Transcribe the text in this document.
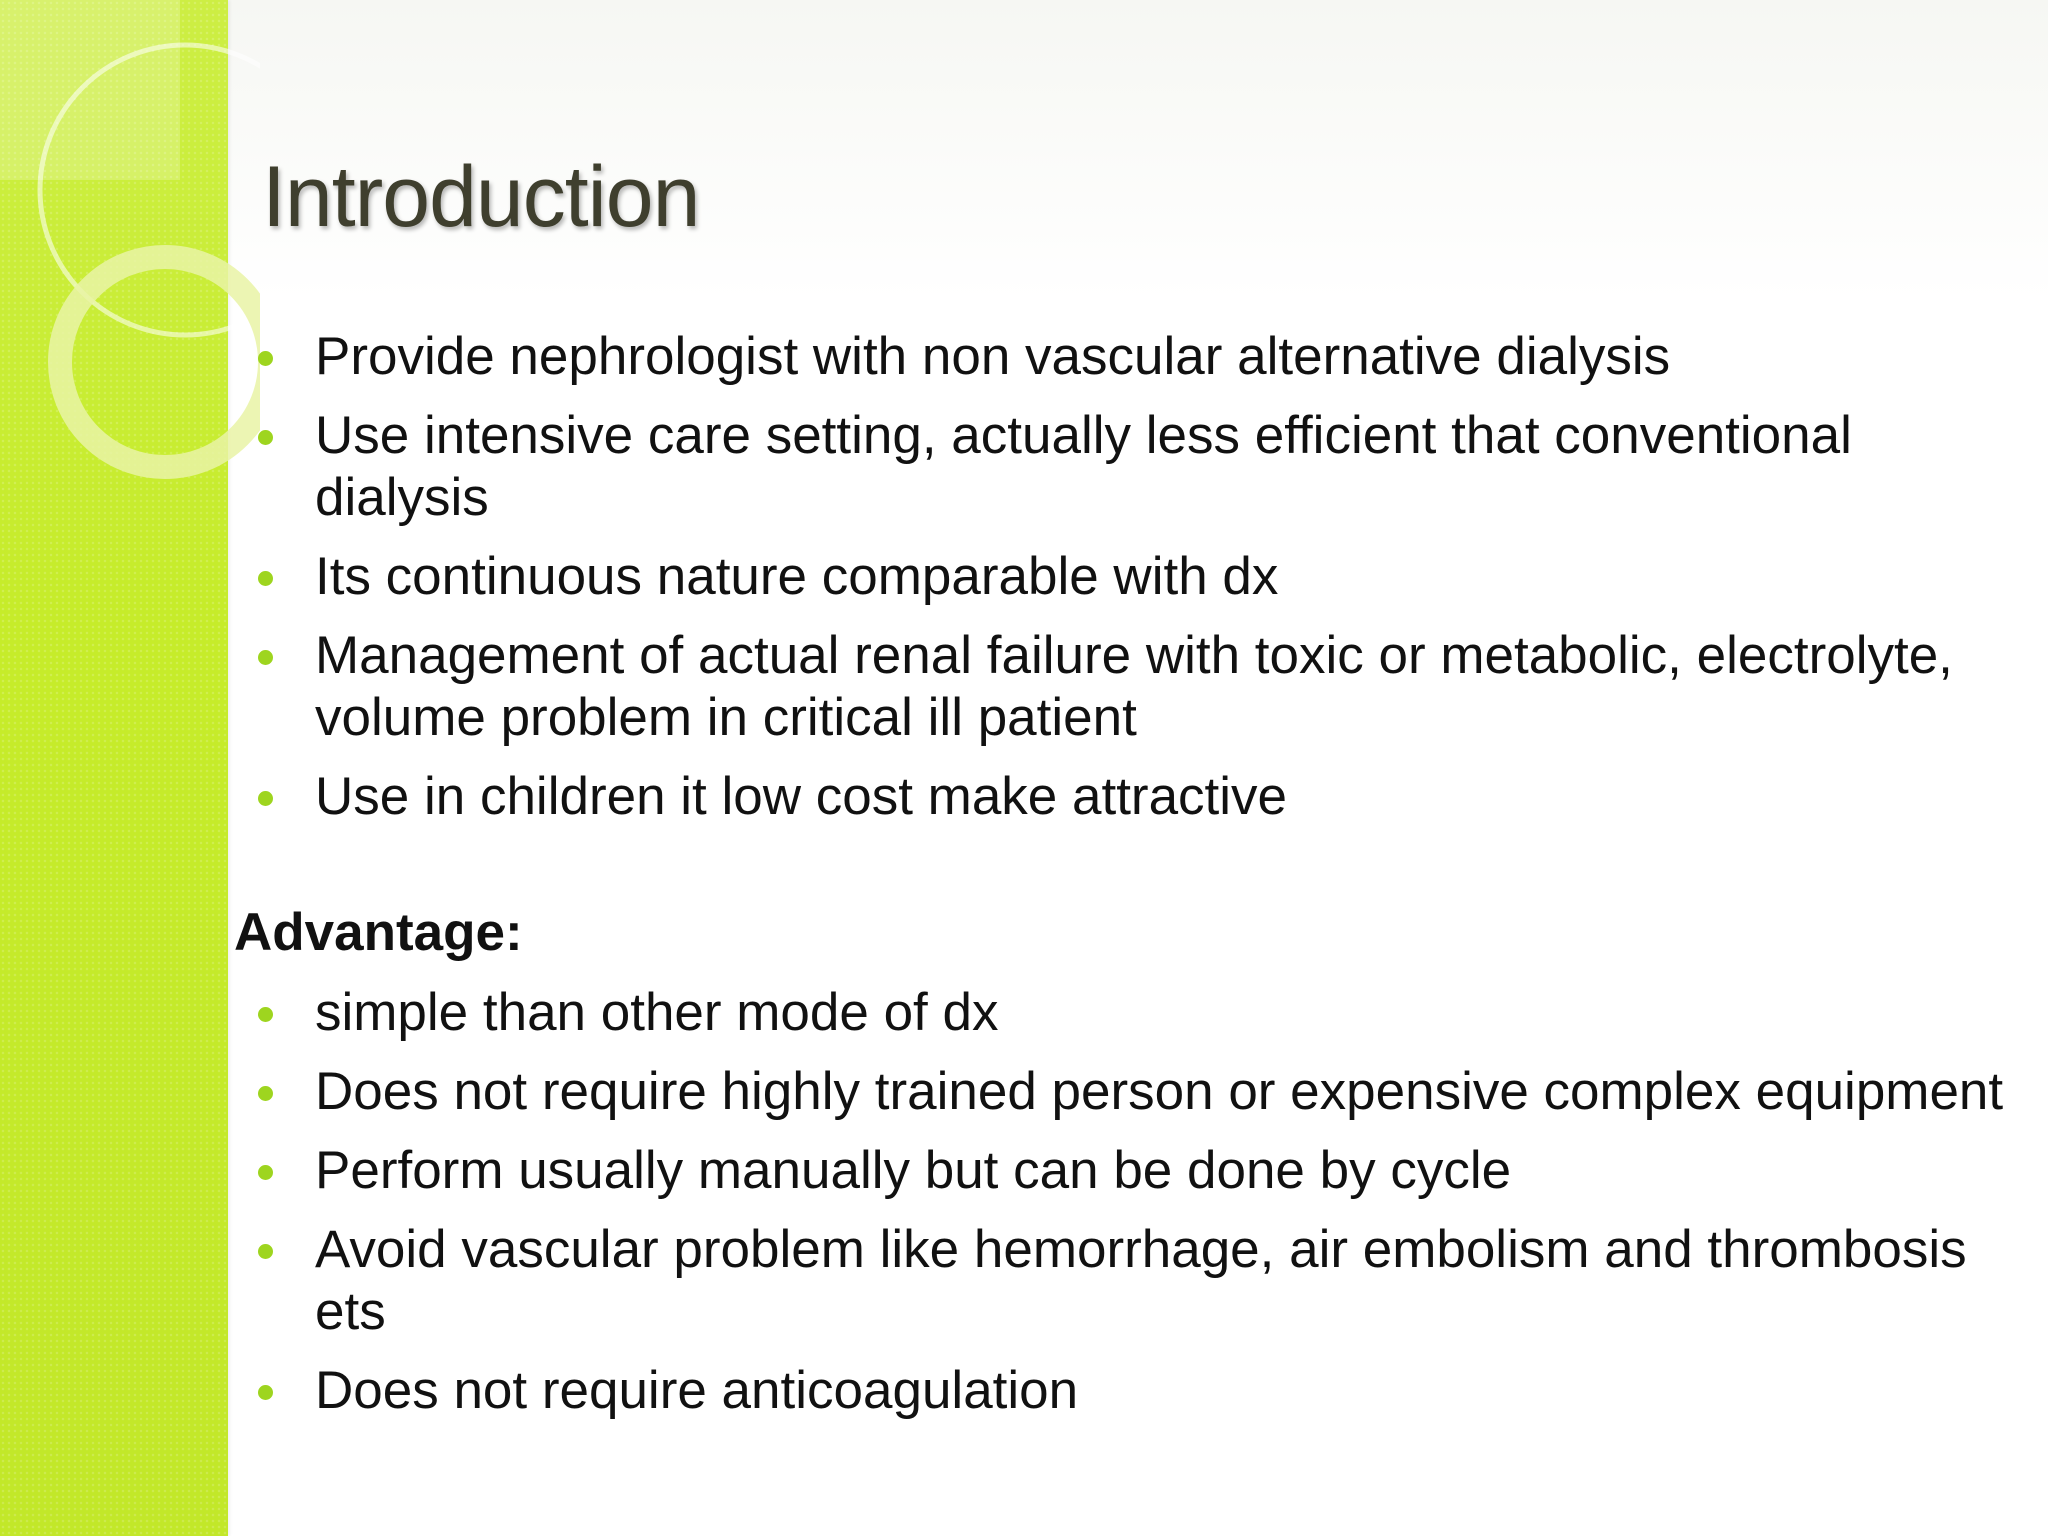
Introduction
Provide nephrologist with non vascular alternative dialysis
Use intensive care setting, actually less efficient that conventional dialysis
Its continuous nature comparable with dx
Management of actual renal failure with toxic or metabolic, electrolyte, volume problem in critical ill patient
Use in children it low cost make attractive
Advantage:
simple than other mode of dx
Does not require highly trained person or expensive complex equipment
Perform usually manually but can be done by cycle
Avoid vascular problem like hemorrhage, air embolism and thrombosis ets
Does not require anticoagulation
